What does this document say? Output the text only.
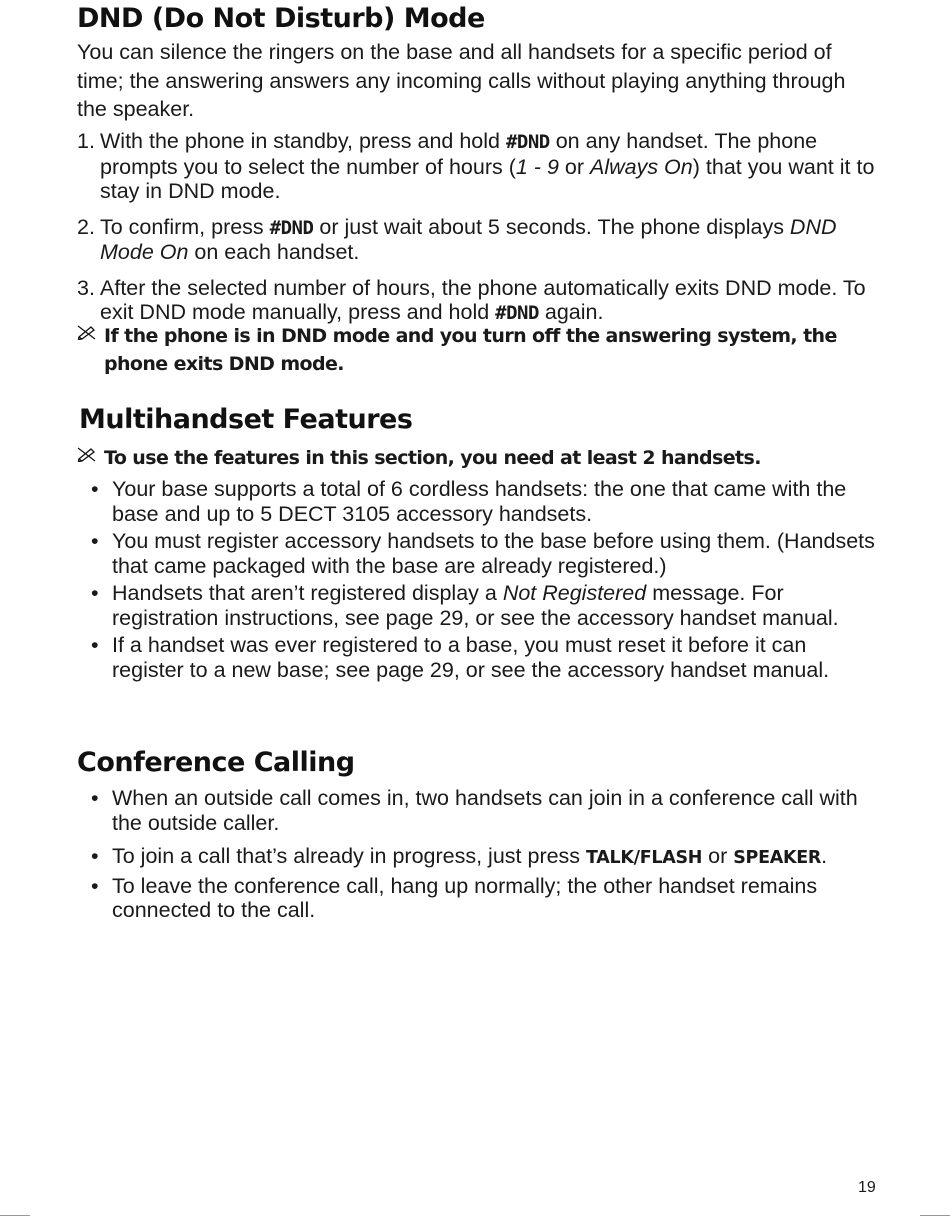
DND (Do Not Disturb) Mode

You can silence the ringers on the base and all handsets for a specific period of time; the answering answers any incoming calls without playing anything through the speaker.

1. With the phone in standby, press and hold #DND on any handset. The phone prompts you to select the number of hours (1 - 9 or Always On) that you want it to stay in DND mode.
2. To confirm, press #DND or just wait about 5 seconds. The phone displays DND Mode On on each handset.
3. After the selected number of hours, the phone automatically exits DND mode. To exit DND mode manually, press and hold #DND again.
If the phone is in DND mode and you turn off the answering system, the phone exits DND mode.
Multihandset Features
To use the features in this section, you need at least 2 handsets.
• Your base supports a total of 6 cordless handsets: the one that came with the base and up to 5 DECT 3105 accessory handsets.
• You must register accessory handsets to the base before using them. (Handsets that came packaged with the base are already registered.)
• Handsets that aren’t registered display a Not Registered message. For registration instructions, see page 29, or see the accessory handset manual.
• If a handset was ever registered to a base, you must reset it before it can register to a new base; see page 29, or see the accessory handset manual.
Conference Calling
• When an outside call comes in, two handsets can join in a conference call with the outside caller.
• To join a call that’s already in progress, just press TALK/FLASH or SPEAKER.
• To leave the conference call, hang up normally; the other handset remains connected to the call.
19
